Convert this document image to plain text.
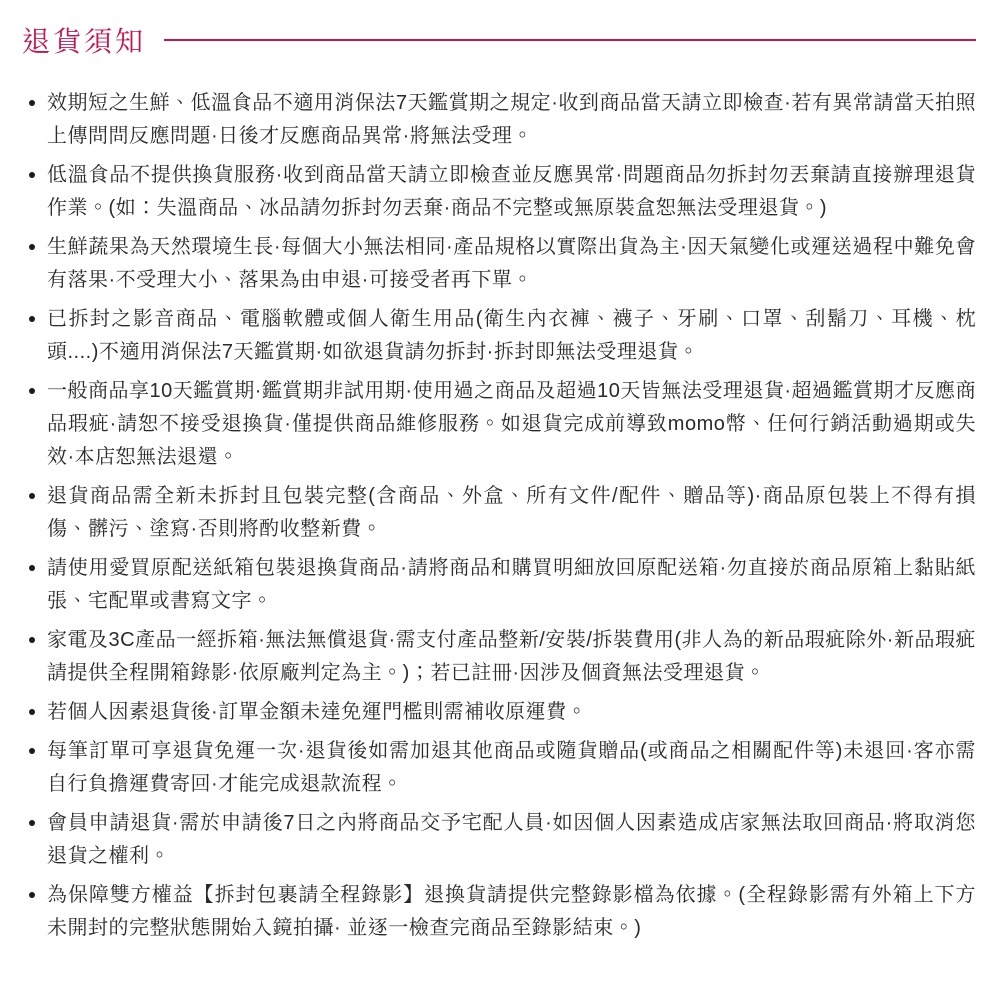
退貨須知
效期短之生鮮、低溫食品不適用消保法7天鑑賞期之規定·收到商品當天請立即檢查·若有異常請當天拍照上傳問問反應問題·日後才反應商品異常·將無法受理。
低溫食品不提供換貨服務·收到商品當天請立即檢查並反應異常·問題商品勿拆封勿丟棄請直接辦理退貨作業。(如：失溫商品、冰品請勿拆封勿丟棄·商品不完整或無原裝盒恕無法受理退貨。)
生鮮蔬果為天然環境生長·每個大小無法相同·產品規格以實際出貨為主·因天氣變化或運送過程中難免會有落果·不受理大小、落果為由申退·可接受者再下單。
已拆封之影音商品、電腦軟體或個人衛生用品(衛生內衣褲、襪子、牙刷、口罩、刮鬍刀、耳機、枕頭....)不適用消保法7天鑑賞期·如欲退貨請勿拆封·拆封即無法受理退貨。
一般商品享10天鑑賞期·鑑賞期非試用期·使用過之商品及超過10天皆無法受理退貨·超過鑑賞期才反應商品瑕疵·請恕不接受退換貨·僅提供商品維修服務。如退貨完成前導致momo幣、任何行銷活動過期或失效·本店恕無法退還。
退貨商品需全新未拆封且包裝完整(含商品、外盒、所有文件/配件、贈品等)·商品原包裝上不得有損傷、髒污、塗寫·否則將酌收整新費。
請使用愛買原配送紙箱包裝退換貨商品·請將商品和購買明細放回原配送箱·勿直接於商品原箱上黏貼紙張、宅配單或書寫文字。
家電及3C產品一經拆箱·無法無償退貨·需支付產品整新/安裝/拆裝費用(非人為的新品瑕疵除外·新品瑕疵請提供全程開箱錄影·依原廠判定為主。)；若已註冊·因涉及個資無法受理退貨。
若個人因素退貨後·訂單金額未達免運門檻則需補收原運費。
每筆訂單可享退貨免運一次·退貨後如需加退其他商品或隨貨贈品(或商品之相關配件等)未退回·客亦需自行負擔運費寄回·才能完成退款流程。
會員申請退貨·需於申請後7日之內將商品交予宅配人員·如因個人因素造成店家無法取回商品·將取消您退貨之權利。
為保障雙方權益【拆封包裹請全程錄影】退換貨請提供完整錄影檔為依據。(全程錄影需有外箱上下方未開封的完整狀態開始入鏡拍攝· 並逐一檢查完商品至錄影結束。)
